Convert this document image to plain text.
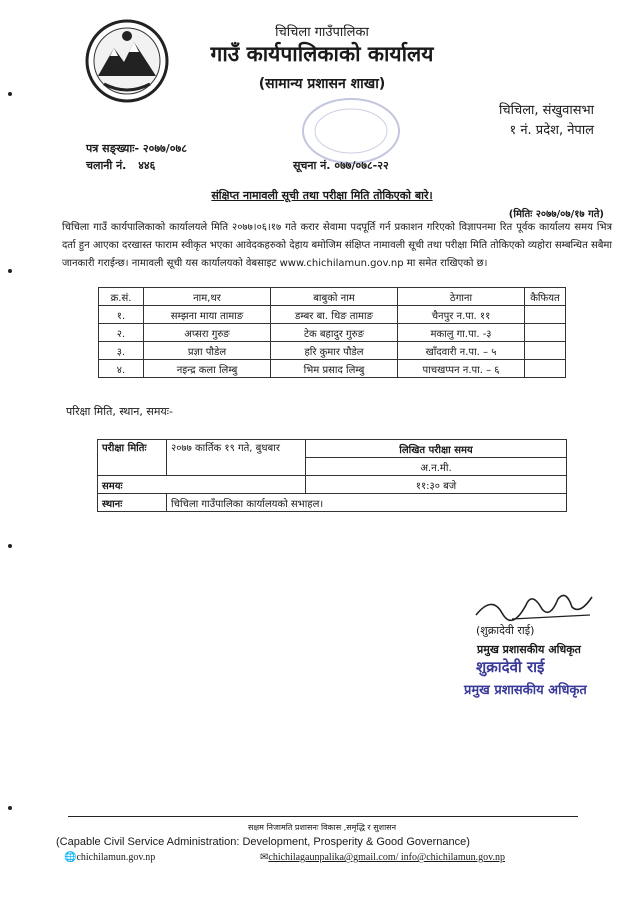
चिचिला गाउँपालिका
गाउँ कार्यपालिकाको कार्यालय
(सामान्य प्रशासन शाखा)
चिचिला, संखुवासभा
१ नं. प्रदेश, नेपाल
पत्र सङ्ख्याः- २०७७/०७८
चलानी नं. ४४६	सूचना नं. ०७७/०७८-२२
संक्षिप्त नामावली सूची तथा परीक्षा मिति तोकिएको बारे।
(मितिः २०७७/०७/१७ गते)
चिचिला गाउँ कार्यपालिकाको कार्यालयले मिति २०७७।०६।१७ गते करार सेवामा पदपूर्ति गर्न प्रकाशन गरिएको विज्ञापनमा रित पूर्वक कार्यालय समय भित्र दर्ता हुन आएका दरखास्त फाराम स्वीकृत भएका आवेदकहरुको देहाय बमोजिम संक्षिप्त नामावली सूची तथा परीक्षा मिति तोकिएको व्यहोरा सम्बन्धित सबैमा जानकारी गराईन्छ। नामावली सूची यस कार्यालयको वेबसाइट www.chichilamun.gov.np मा समेत राखिएको छ।
क्र.सं.	नाम,थर	बाबुको नाम	ठेगाना	कैफियत
१.	सम्झना माया तामाङ	डम्बर बा. थिङ तामाङ	चैनपुर न.पा. ११	
२.	अप्सरा गुरुङ	टेक बहादुर गुरुङ	मकालु गा.पा. -३	
३.	प्रज्ञा पौडेल	हरि कुमार पौडेल	खाँदवारी न.पा. – ५	
४.	नइन्द्र कला लिम्बु	भिम प्रसाद लिम्बु	पाचखप्पन न.पा. – ६	
परिक्षा मिति, स्थान, समयः-
परीक्षा मितिः	२०७७ कार्तिक १९ गते, बुधबार	लिखित परीक्षा समय
		अ.न.मी.
समयः		११:३० बजे
स्थानः	चिचिला गाउँपालिका कार्यालयको सभाहल।	
(शुक्रादेवी राई)
प्रमुख प्रशासकीय अधिकृत
शुक्रादेवी राई
प्रमुख प्रशासकीय अधिकृत
सक्षम निजामति प्रशासनः विकास ,समृद्धि र सुशासन
(Capable Civil Service Administration: Development, Prosperity & Good Governance)
🌐chichilamun.gov.np	✉chichilagaunpalika@gmail.com/ info@chichilamun.gov.np
